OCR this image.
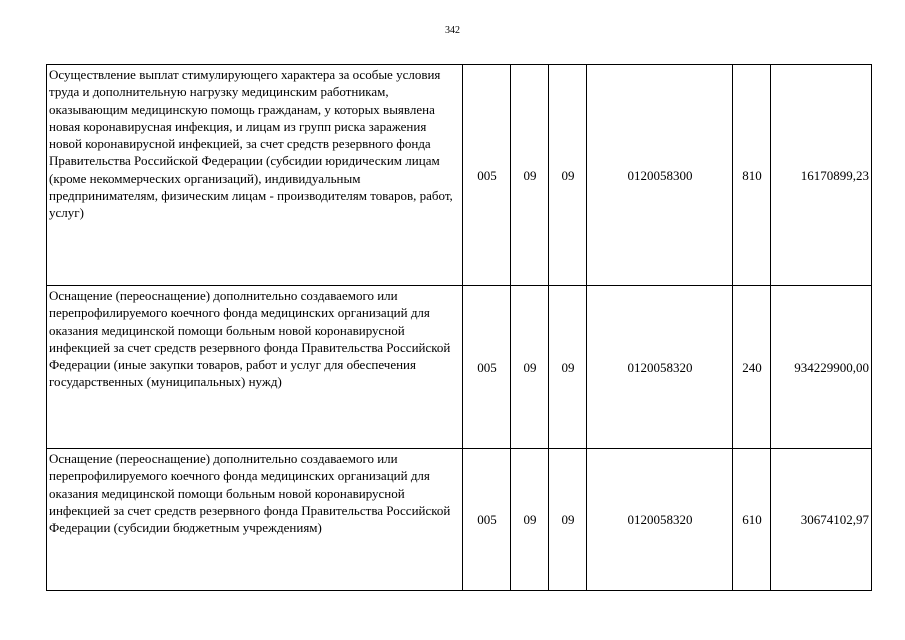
342
Осуществление выплат стимулирующего характера за особые условия труда и дополнительную нагрузку медицинским работникам, оказывающим медицинскую помощь гражданам, у которых выявлена новая коронавирусная инфекция, и лицам из групп риска заражения новой коронавирусной инфекцией, за счет средств резервного фонда Правительства Российской Федерации (субсидии юридическим лицам (кроме некоммерческих организаций), индивидуальным предпринимателям, физическим лицам - производителям товаров, работ, услуг)	005	09	09	0120058300	810	16170899,23
Оснащение (переоснащение) дополнительно создаваемого или перепрофилируемого коечного фонда медицинских организаций для оказания медицинской помощи больным новой коронавирусной инфекцией за счет средств резервного фонда Правительства Российской Федерации (иные закупки товаров, работ и услуг для обеспечения государственных (муниципальных) нужд)	005	09	09	0120058320	240	934229900,00
Оснащение (переоснащение) дополнительно создаваемого или перепрофилируемого коечного фонда медицинских организаций для оказания медицинской помощи больным новой коронавирусной инфекцией за счет средств резервного фонда Правительства Российской Федерации (субсидии бюджетным учреждениям)	005	09	09	0120058320	610	30674102,97
